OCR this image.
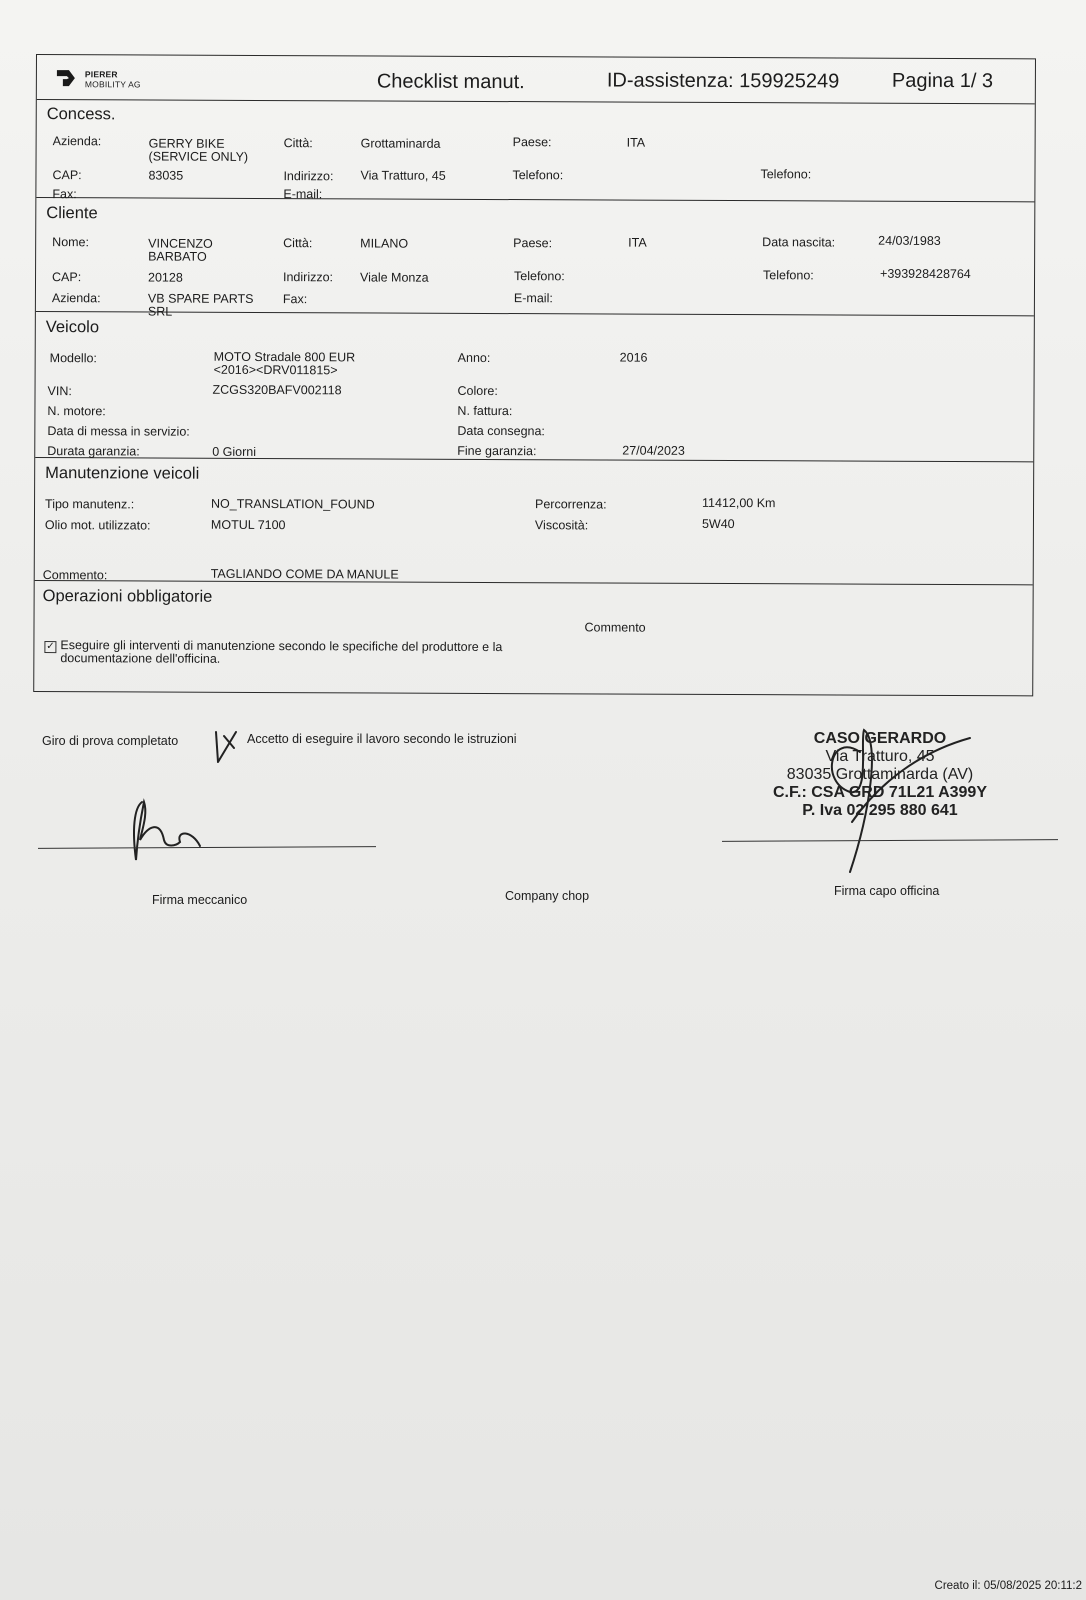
PIERER
MOBILITY AG	Checklist manut.	ID-assistenza: 159925249	Pagina 1/ 3
Concess.
Azienda:	GERRY BIKE
(SERVICE ONLY)
Città:	Grottaminarda	Paese:	ITA
CAP:	83035	Indirizzo: Via Tratturo, 45	Telefono:	Telefono:
Fax:	E-mail:
Cliente
Nome:	VINCENZO
BARBATO
Città:	MILANO	Paese:	ITA	Data nascita:	24/03/1983
CAP:	20128	Indirizzo: Viale Monza	Telefono:	Telefono:	+393928428764
Azienda:	VB SPARE PARTS
SRL
Fax:	E-mail:
Veicolo
Modello:	MOTO Stradale 800 EUR
<2016><DRV011815>
Anno:	2016
VIN:	ZCGS320BAFV002118	Colore:
N. motore:	N. fattura:
Data di messa in servizio:	Data consegna:
Durata garanzia:	0 Giorni	Fine garanzia:	27/04/2023
Manutenzione veicoli
Tipo manutenz.:	NO_TRANSLATION_FOUND	Percorrenza:	11412,00 Km
Olio mot. utilizzato:	MOTUL 7100	Viscosità:	5W40
Commento:	TAGLIANDO COME DA MANULE
Operazioni obbligatorie
Commento
✓ Eseguire gli interventi di manutenzione secondo le specifiche del produttore e la
documentazione dell'officina.
Giro di prova completato	Accetto di eseguire il lavoro secondo le istruzioni
Firma meccanico	Company chop
CASO GERARDO
Via Tratturo, 45
83035 Grottaminarda (AV)
C.F.: CSA GRD 71L21 A399Y
P. Iva 02 295 880 641
Firma capo officina
Creato il: 05/08/2025 20:11:2
